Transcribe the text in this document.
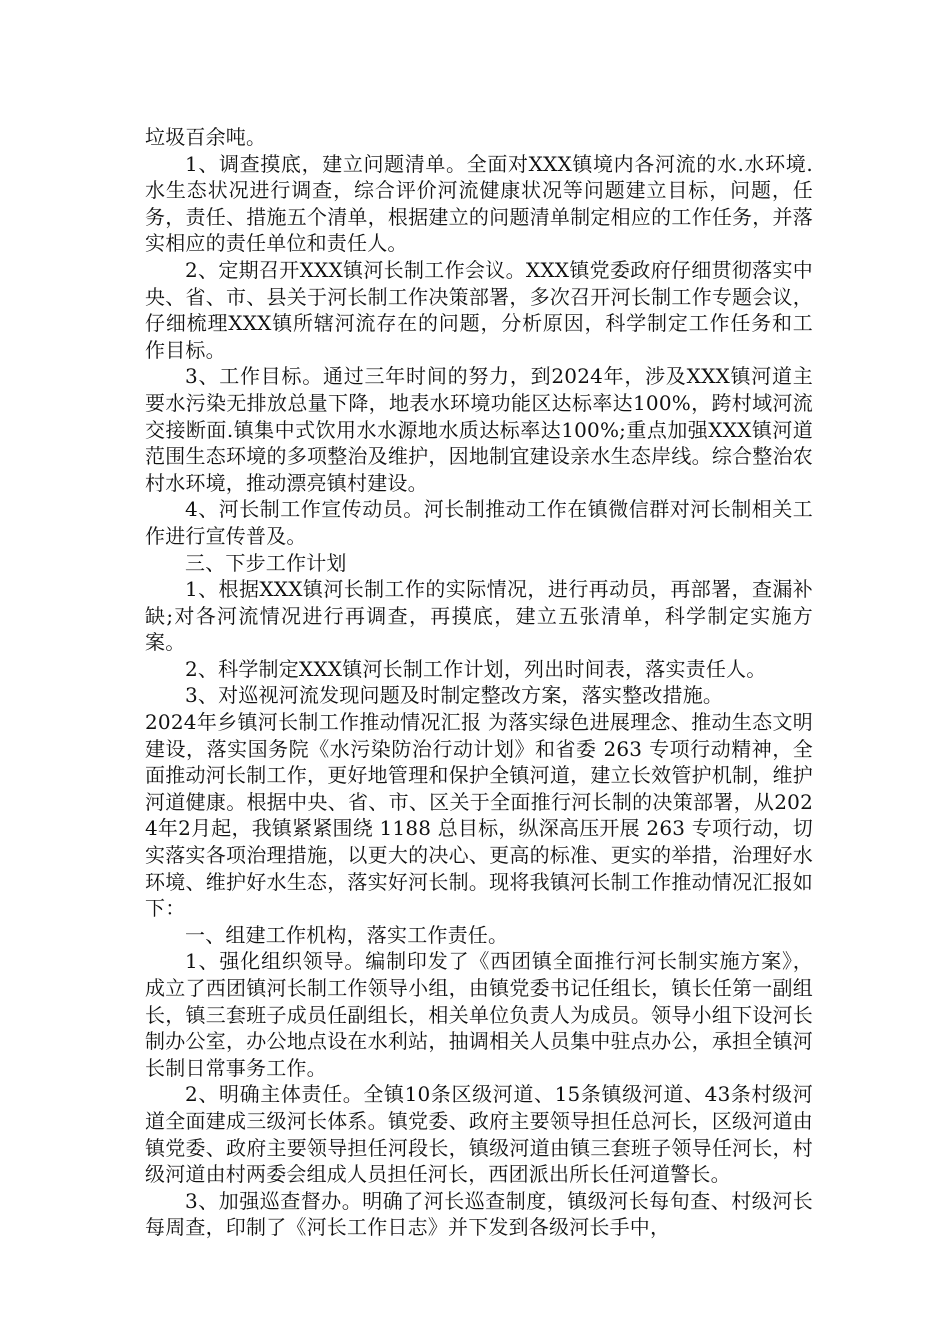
垃圾百余吨。

1、调查摸底，建立问题清单。全面对XXX镇境内各河流的水.水环境.水生态状况进行调查，综合评价河流健康状况等问题建立目标，问题，任务，责任、措施五个清单，根据建立的问题清单制定相应的工作任务，并落实相应的责任单位和责任人。

2、定期召开XXX镇河长制工作会议。XXX镇党委政府仔细贯彻落实中央、省、市、县关于河长制工作决策部署，多次召开河长制工作专题会议，仔细梳理XXX镇所辖河流存在的问题，分析原因，科学制定工作任务和工作目标。

3、工作目标。通过三年时间的努力，到2024年，涉及XXX镇河道主要水污染无排放总量下降，地表水环境功能区达标率达100%，跨村域河流交接断面.镇集中式饮用水水源地水质达标率达100%;重点加强XXX镇河道范围生态环境的多项整治及维护，因地制宜建设亲水生态岸线。综合整治农村水环境，推动漂亮镇村建设。

4、河长制工作宣传动员。河长制推动工作在镇微信群对河长制相关工作进行宣传普及。

三、下步工作计划

1、根据XXX镇河长制工作的实际情况，进行再动员，再部署，查漏补缺;对各河流情况进行再调查，再摸底，建立五张清单，科学制定实施方案。

2、科学制定XXX镇河长制工作计划，列出时间表，落实责任人。

3、对巡视河流发现问题及时制定整改方案，落实整改措施。

2024年乡镇河长制工作推动情况汇报 为落实绿色进展理念、推动生态文明建设，落实国务院《水污染防治行动计划》和省委 263 专项行动精神，全面推动河长制工作，更好地管理和保护全镇河道，建立长效管护机制，维护河道健康。根据中央、省、市、区关于全面推行河长制的决策部署，从2024年2月起，我镇紧紧围绕 1188 总目标，纵深高压开展 263 专项行动，切实落实各项治理措施，以更大的决心、更高的标准、更实的举措，治理好水环境、维护好水生态，落实好河长制。现将我镇河长制工作推动情况汇报如下：

一、组建工作机构，落实工作责任。

1、强化组织领导。编制印发了《西团镇全面推行河长制实施方案》，成立了西团镇河长制工作领导小组，由镇党委书记任组长，镇长任第一副组长，镇三套班子成员任副组长，相关单位负责人为成员。领导小组下设河长制办公室，办公地点设在水利站，抽调相关人员集中驻点办公，承担全镇河长制日常事务工作。

2、明确主体责任。全镇10条区级河道、15条镇级河道、43条村级河道全面建成三级河长体系。镇党委、政府主要领导担任总河长，区级河道由镇党委、政府主要领导担任河段长，镇级河道由镇三套班子领导任河长，村级河道由村两委会组成人员担任河长，西团派出所长任河道警长。

3、加强巡查督办。明确了河长巡查制度，镇级河长每旬查、村级河长每周查，印制了《河长工作日志》并下发到各级河长手中，
